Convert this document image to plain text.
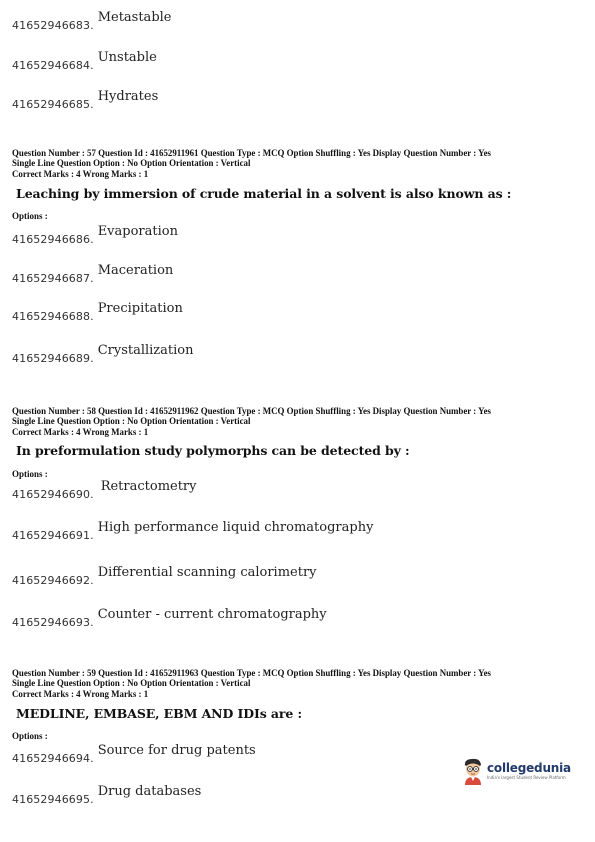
41652946683.
Metastable
41652946684.
Unstable
41652946685.
Hydrates
Question Number : 57 Question Id : 41652911961 Question Type : MCQ Option Shuffling : Yes Display Question Number : Yes
Single Line Question Option : No Option Orientation : Vertical
Correct Marks : 4 Wrong Marks : 1
Leaching by immersion of crude material in a solvent is also known as :
Options :
41652946686.
Evaporation
41652946687.
Maceration
41652946688.
Precipitation
41652946689.
Crystallization
Question Number : 58 Question Id : 41652911962 Question Type : MCQ Option Shuffling : Yes Display Question Number : Yes
Single Line Question Option : No Option Orientation : Vertical
Correct Marks : 4 Wrong Marks : 1
In preformulation study polymorphs can be detected by :
Options :
41652946690.
Retractometry
41652946691.
High performance liquid chromatography
41652946692.
Differential scanning calorimetry
41652946693.
Counter - current chromatography
Question Number : 59 Question Id : 41652911963 Question Type : MCQ Option Shuffling : Yes Display Question Number : Yes
Single Line Question Option : No Option Orientation : Vertical
Correct Marks : 4 Wrong Marks : 1
MEDLINE, EMBASE, EBM AND IDIs are :
Options :
41652946694.
Source for drug patents
41652946695.
Drug databases
collegedunia
India's largest Student Review Platform
